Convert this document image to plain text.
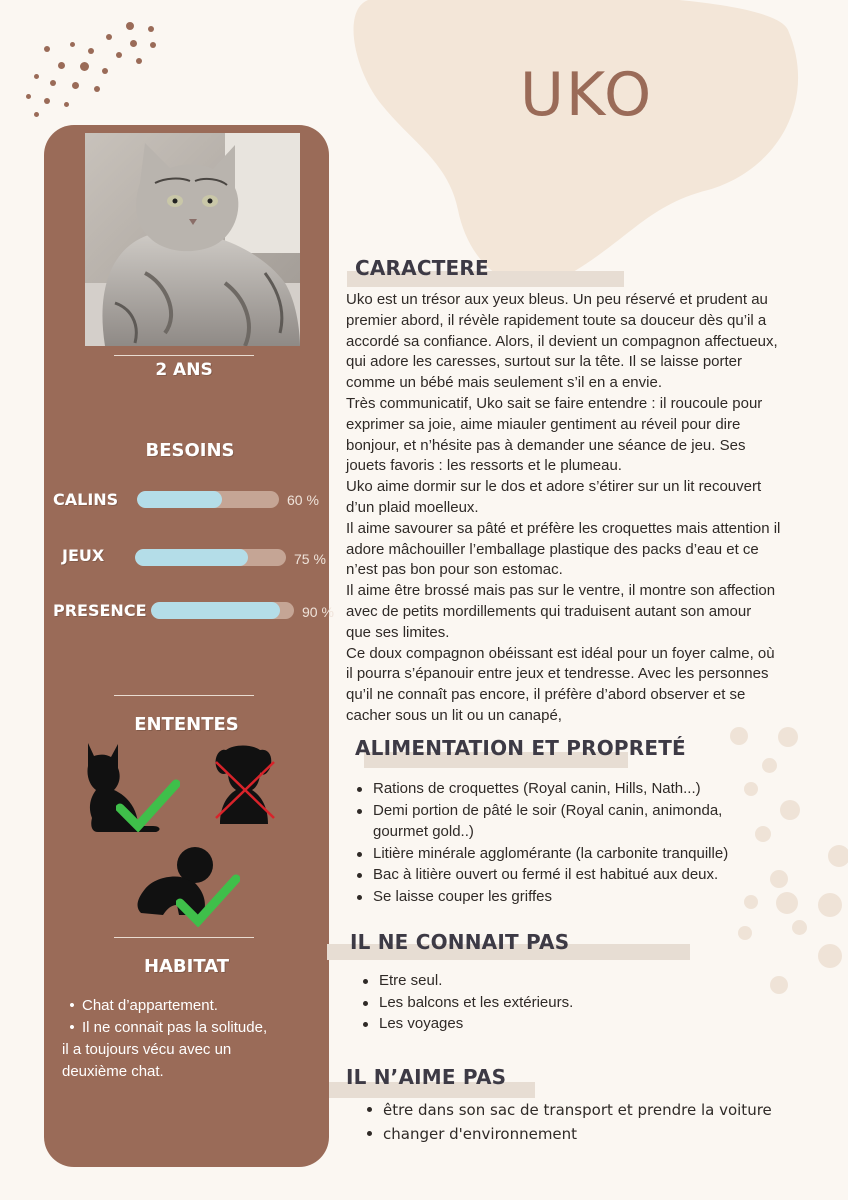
UKO
2 ANS
BESOINS
CALINS	60 %
JEUX	75 %
PRESENCE	90 %
ENTENTES
HABITAT
• Chat d’appartement.
• Il ne connait pas la solitude,
il a toujours vécu avec un
deuxième chat.
CARACTERE

Uko est un trésor aux yeux bleus. Un peu réservé et prudent au

premier abord, il révèle rapidement toute sa douceur dès qu’il a

accordé sa confiance. Alors, il devient un compagnon affectueux,

qui adore les caresses, surtout sur la tête. Il se laisse porter

comme un bébé mais seulement s’il en a envie.

Très communicatif, Uko sait se faire entendre : il roucoule pour

exprimer sa joie, aime miauler gentiment au réveil pour dire

bonjour, et n’hésite pas à demander une séance de jeu. Ses

jouets favoris : les ressorts et le plumeau.

Uko aime dormir sur le dos et adore s’étirer sur un lit recouvert

d’un plaid moelleux.

Il aime savourer sa pâté et préfère les croquettes mais attention il

adore mâchouiller l’emballage plastique des packs d’eau et ce

n’est pas bon pour son estomac.

Il aime être brossé mais pas sur le ventre, il montre son affection

avec de petits mordillements qui traduisent autant son amour

que ses limites.

Ce doux compagnon obéissant est idéal pour un foyer calme, où

il pourra s’épanouir entre jeux et tendresse. Avec les personnes

qu’il ne connaît pas encore, il préfère d’abord observer et se

cacher sous un lit ou un canapé,

ALIMENTATION ET PROPRETÉ
Rations de croquettes (Royal canin, Hills, Nath...)
Demi portion de pâté le soir (Royal canin, animonda,
gourmet gold..)
Litière minérale agglomérante (la carbonite tranquille)
Bac à litière ouvert ou fermé il est habitué aux deux.
Se laisse couper les griffes
IL NE CONNAIT PAS
Etre seul.
Les balcons et les extérieurs.
Les voyages
IL N’AIME PAS
être dans son sac de transport et prendre la voiture
changer d'environnement
